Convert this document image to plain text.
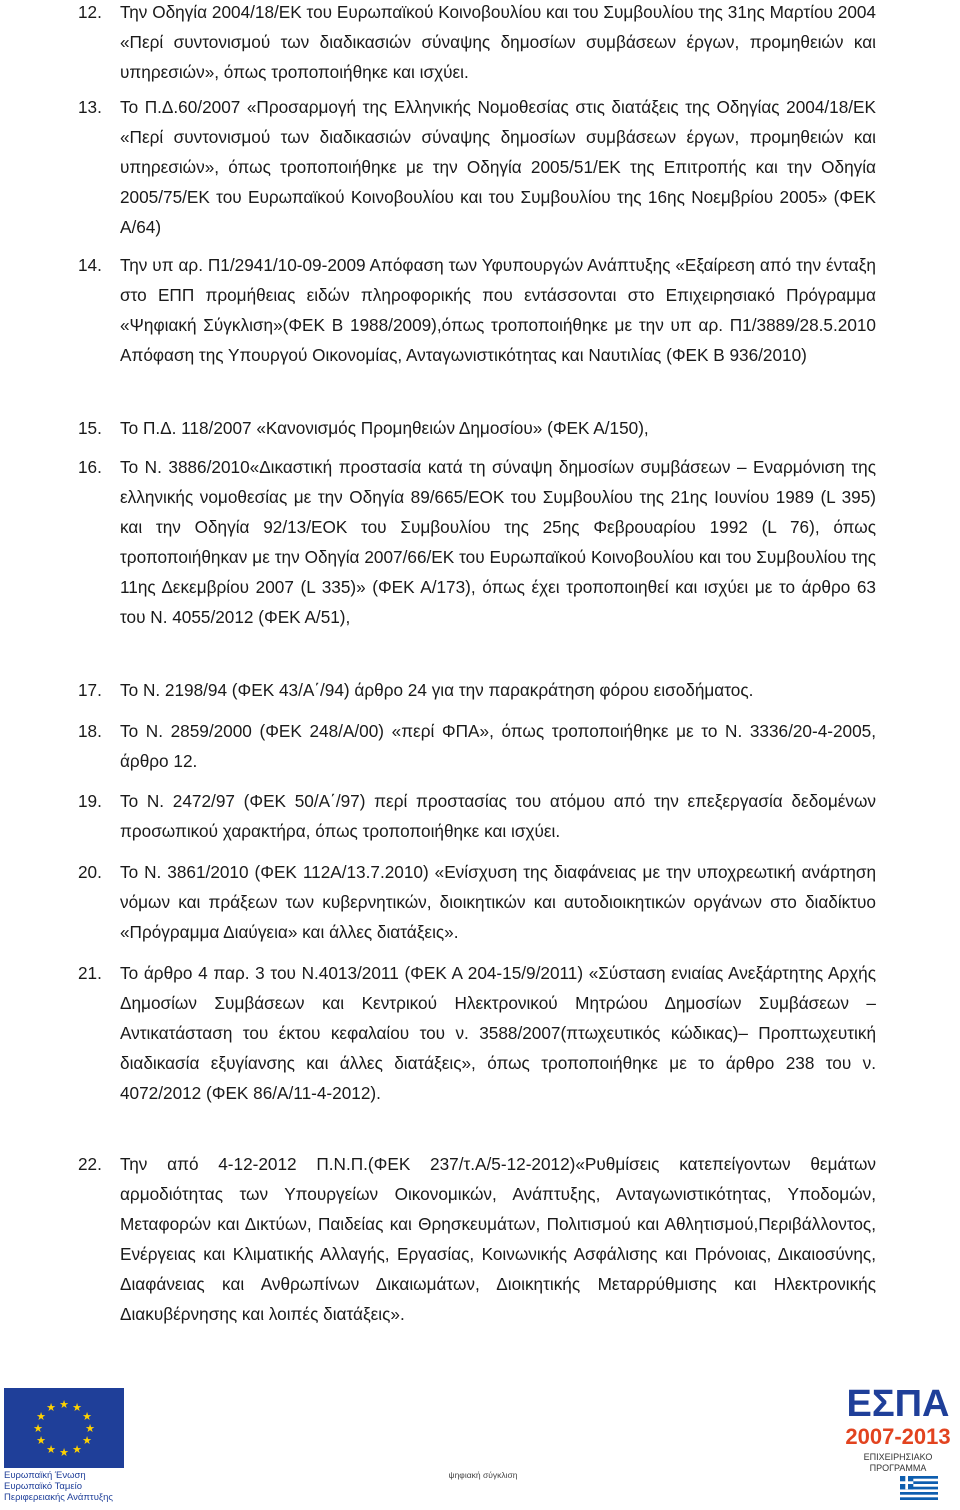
12.	Την Οδηγία 2004/18/ΕΚ του Ευρωπαϊκού Κοινοβουλίου και του Συμβουλίου της 31ης Μαρτίου 2004 «Περί συντονισμού των διαδικασιών σύναψης δημοσίων συμβάσεων έργων, προμηθειών και υπηρεσιών», όπως τροποποιήθηκε και ισχύει.
13.	Το Π.Δ.60/2007 «Προσαρμογή της Ελληνικής Νομοθεσίας στις διατάξεις της Οδηγίας 2004/18/ΕΚ «Περί συντονισμού των διαδικασιών σύναψης δημοσίων συμβάσεων έργων, προμηθειών και υπηρεσιών», όπως τροποποιήθηκε με την Οδηγία 2005/51/ΕΚ της Επιτροπής και την Οδηγία 2005/75/ΕΚ του Ευρωπαϊκού Κοινοβουλίου και του Συμβουλίου της 16ης Νοεμβρίου 2005» (ΦΕΚ Α/64)
14.	Την υπ αρ. Π1/2941/10-09-2009 Απόφαση των Υφυπουργών Ανάπτυξης «Εξαίρεση από την ένταξη στο ΕΠΠ προμήθειας ειδών πληροφορικής που εντάσσονται στο Επιχειρησιακό Πρόγραμμα «Ψηφιακή Σύγκλιση»(ΦΕΚ Β 1988/2009),όπως τροποποιήθηκε με την υπ αρ. Π1/3889/28.5.2010 Απόφαση της Υπουργού Οικονομίας, Ανταγωνιστικότητας και Ναυτιλίας (ΦΕΚ Β 936/2010)
15.	Το Π.Δ. 118/2007 «Κανονισμός Προμηθειών Δημοσίου» (ΦΕΚ Α/150),
16.	Το Ν. 3886/2010«Δικαστική προστασία κατά τη σύναψη δημοσίων συμβάσεων – Εναρμόνιση της ελληνικής νομοθεσίας με την Οδηγία 89/665/ΕΟΚ του Συμβουλίου της 21ης Ιουνίου 1989 (L 395) και την Οδηγία 92/13/ΕΟΚ του Συμβουλίου της 25ης Φεβρουαρίου 1992 (L 76), όπως τροποποιήθηκαν με την Οδηγία 2007/66/ΕΚ του Ευρωπαϊκού Κοινοβουλίου και του Συμβουλίου της 11ης Δεκεμβρίου 2007 (L 335)» (ΦΕΚ Α/173), όπως έχει τροποποιηθεί και ισχύει με το άρθρο 63 του Ν. 4055/2012 (ΦΕΚ Α/51),
17.	Το Ν. 2198/94 (ΦΕΚ 43/Α΄/94) άρθρο 24 για την παρακράτηση φόρου εισοδήματος.
18.	Το Ν. 2859/2000 (ΦΕΚ 248/Α/00) «περί ΦΠΑ», όπως τροποποιήθηκε με το Ν. 3336/20-4-2005, άρθρο 12.
19.	Το Ν. 2472/97 (ΦΕΚ 50/Α΄/97) περί προστασίας του ατόμου από την επεξεργασία δεδομένων προσωπικού χαρακτήρα, όπως τροποποιήθηκε και ισχύει.
20.	Το Ν. 3861/2010 (ΦΕΚ 112Α/13.7.2010) «Ενίσχυση της διαφάνειας με την υποχρεωτική ανάρτηση νόμων και πράξεων των κυβερνητικών, διοικητικών και αυτοδιοικητικών οργάνων στο διαδίκτυο «Πρόγραμμα Διαύγεια» και άλλες διατάξεις».
21.	Το άρθρο 4 παρ. 3 του Ν.4013/2011 (ΦΕΚ Α 204-15/9/2011) «Σύσταση ενιαίας Ανεξάρτητης Αρχής Δημοσίων Συμβάσεων και Κεντρικού Ηλεκτρονικού Μητρώου Δημοσίων Συμβάσεων – Αντικατάσταση του έκτου κεφαλαίου του ν. 3588/2007(πτωχευτικός κώδικας)– Προπτωχευτική διαδικασία εξυγίανσης και άλλες διατάξεις», όπως τροποποιήθηκε με το άρθρο 238 του ν. 4072/2012 (ΦΕΚ 86/Α/11-4-2012).
22.	Την από 4-12-2012 Π.Ν.Π.(ΦΕΚ 237/τ.Α/5-12-2012)«Ρυθμίσεις κατεπείγοντων θεμάτων αρμοδιότητας των Υπουργείων Οικονομικών, Ανάπτυξης, Ανταγωνιστικότητας, Υποδομών, Μεταφορών και Δικτύων, Παιδείας και Θρησκευμάτων, Πολιτισμού και Αθλητισμού,Περιβάλλοντος, Ενέργειας και Κλιματικής Αλλαγής, Εργασίας, Κοινωνικής Ασφάλισης και Πρόνοιας, Δικαιοσύνης, Διαφάνειας και Ανθρωπίνων Δικαιωμάτων, Διοικητικής Μεταρρύθμισης και Ηλεκτρονικής Διακυβέρνησης και λοιπές διατάξεις».
★ ★
★
★
★
★
★
★
★
★
★
★
Ευρωπαϊκή Ένωση Ευρωπαϊκό Ταμείο Περιφερειακής Ανάπτυξης
ψηφιακή σύγκλιση
ΕΣΠΑ
2007-2013
ΕΠΙΧΕΙΡΗΣΙΑΚΟ ΠΡΟΓΡΑΜΜΑ
